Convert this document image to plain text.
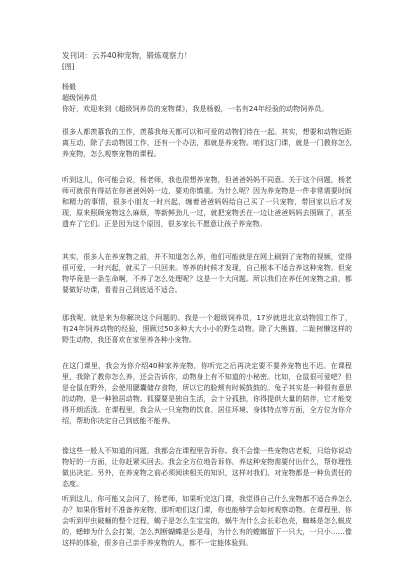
发刊词：云养40种宠物，锻炼观察力！
[图]
杨毅
超级饲养员

你好，欢迎来到《超级饲养员的宠物课》，我是杨毅，一名有24年经验的动物饲养员。

很多人都羡慕我的工作，羡慕我每天都可以和可爱的动物们待在一起。其实，想要和动物近距离互动，除了去动物园工作，还有一个办法，那就是养宠物。咱们这门课，就是一门教你怎么养宠物，怎么观察宠物的课程。

听到这儿，你可能会说，杨老师，我也很想养宠物，但爸爸妈妈不同意。关于这个问题，杨老师可就很有得站在你爸爸妈妈一边，要劝你慎重。为什么呢？因为养宠物是一件非常需要时间和精力的事情，很多小朋友一时兴起，缠着爸爸妈妈给自己买了一只宠物，带回家以后才发现，原来照顾宠物这么麻烦，等新鲜劲儿一过，就把宠物丢在一边让爸爸妈妈去照顾了，甚至遗弃了它们。正是因为这个原因，很多家长不愿意让孩子养宠物。

其实，很多人在养宠物之前，并不知道怎么养，他们可能就是在网上刷到了宠物的视频，觉得很可爱，一时兴起，就买了一只回来。等养的时候才发现，自己根本不适合养这种宠物。但宠物毕竟是一条生命啊，不养了怎么处理呢？这是一个大问题。所以我们在养任何宠物之前，都要做好功课，看看自己到底适不适合。

那我呢，就是来为你解决这个问题的。我是一个超级饲养员，17岁就进北京动物园工作了，有24年饲养动物的经验，照顾过50多种大大小小的野生动物。除了大熊猫、二趾树懒这样的野生动物，我还喜欢在家里养各种小宠物。

在这门课里，我会为你介绍40种家养宠物，你听完之后再决定要不要养宠物也不迟。在课程里，我除了教你怎么养，还会告诉你，动物身上有不知道的小秘密。比如，仓鼠很可爱吧？但是仓鼠在野外，会使用腮囊储存食物，所以它的脸颊有时候鼓鼓的。兔子其实是一种很有意思的动物，是一种独居动物。狐獴要是独自生活，会十分孤独，你得提供大量的陪伴，它才能变得开朗活泼。在课程里，我会从一只宠物的饮食、居住环境、身体特点等方面，全方位为你介绍，帮助你决定自己到底能不能养。

像这些一般人不知道的问题，我都会在课程里告诉你。我不会像一些宠物店老板，只给你说动物好的一方面，让你赶紧买回去。我会全方位地告诉你，养这种宠物需要付出什么，帮你理性做出决定。另外，在养宠物之前必须阅读相关的知识，这样对我们、对宠物都是一种负责任的态度。

听到这儿，你可能又会问了，杨老师，如果听完这门课，我觉得自己什么宠物都不适合养怎么办？如果你暂时不准备养宠物，那听咱们这门课，你也能够学会如何观察动物。在课程里，你会听到甲虫破蛹的整个过程，蝎子是怎么生宝宝的，蜗牛为什么会长彩色壳，蜘蛛是怎么蜕皮的，蟋蟀为什么会打架，怎么判断蝴蝶是公是母，为什么有的螳螂留下一只大，一只小……像这样的体验，很多自己亲手养宠物的人，都不一定能体验到。
